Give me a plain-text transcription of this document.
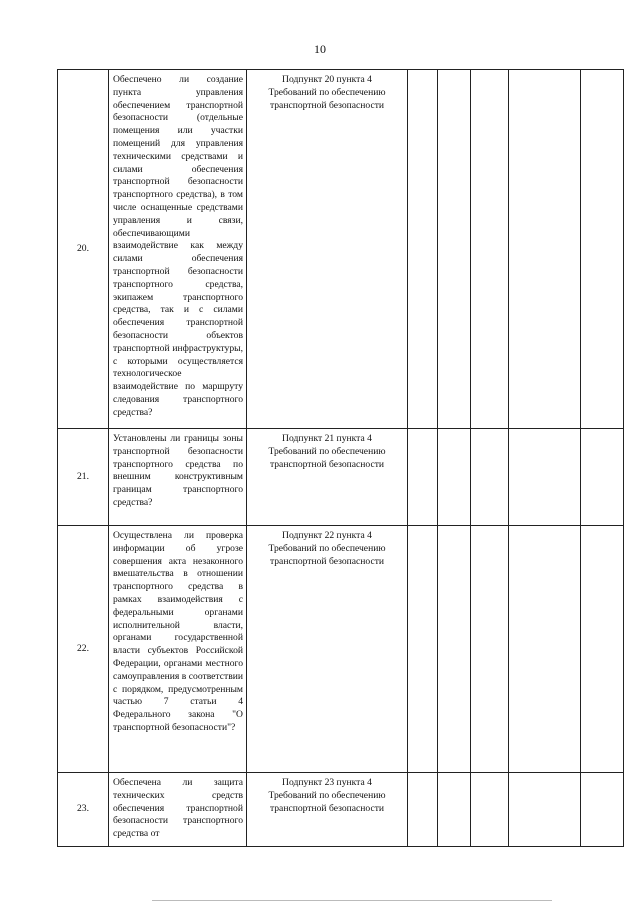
10
20.	Обеспечено ли создание пункта управления обеспечением транспортной безопасности (отдельные помещения или участки помещений для управления техническими средствами и силами обеспечения транспортной безопасности транспортного средства), в том числе оснащенные средствами управления и связи, обеспечивающими взаимодействие как между силами обеспечения транспортной безопасности транспортного средства, экипажем транспортного средства, так и с силами обеспечения транспортной безопасности объектов транспортной инфраструктуры, с которыми осуществляется технологическое взаимодействие по маршруту следования транспортного средства?	Подпункт 20 пункта 4
Требований по обеспечению транспортной безопасности					
21.	Установлены ли границы зоны транспортной безопасности транспортного средства по внешним конструктивным границам транспортного средства?	Подпункт 21 пункта 4
Требований по обеспечению транспортной безопасности					
22.	Осуществлена ли проверка информации об угрозе совершения акта незаконного вмешательства в отношении транспортного средства в рамках взаимодействия с федеральными органами исполнительной власти, органами государственной власти субъектов Российской Федерации, органами местного самоуправления в соответствии с порядком, предусмотренным частью 7 статьи 4 Федерального закона "О транспортной безопасности"?	Подпункт 22 пункта 4
Требований по обеспечению транспортной безопасности					
23.	Обеспечена ли защита технических средств обеспечения транспортной безопасности транспортного средства от	Подпункт 23 пункта 4
Требований по обеспечению транспортной безопасности					
